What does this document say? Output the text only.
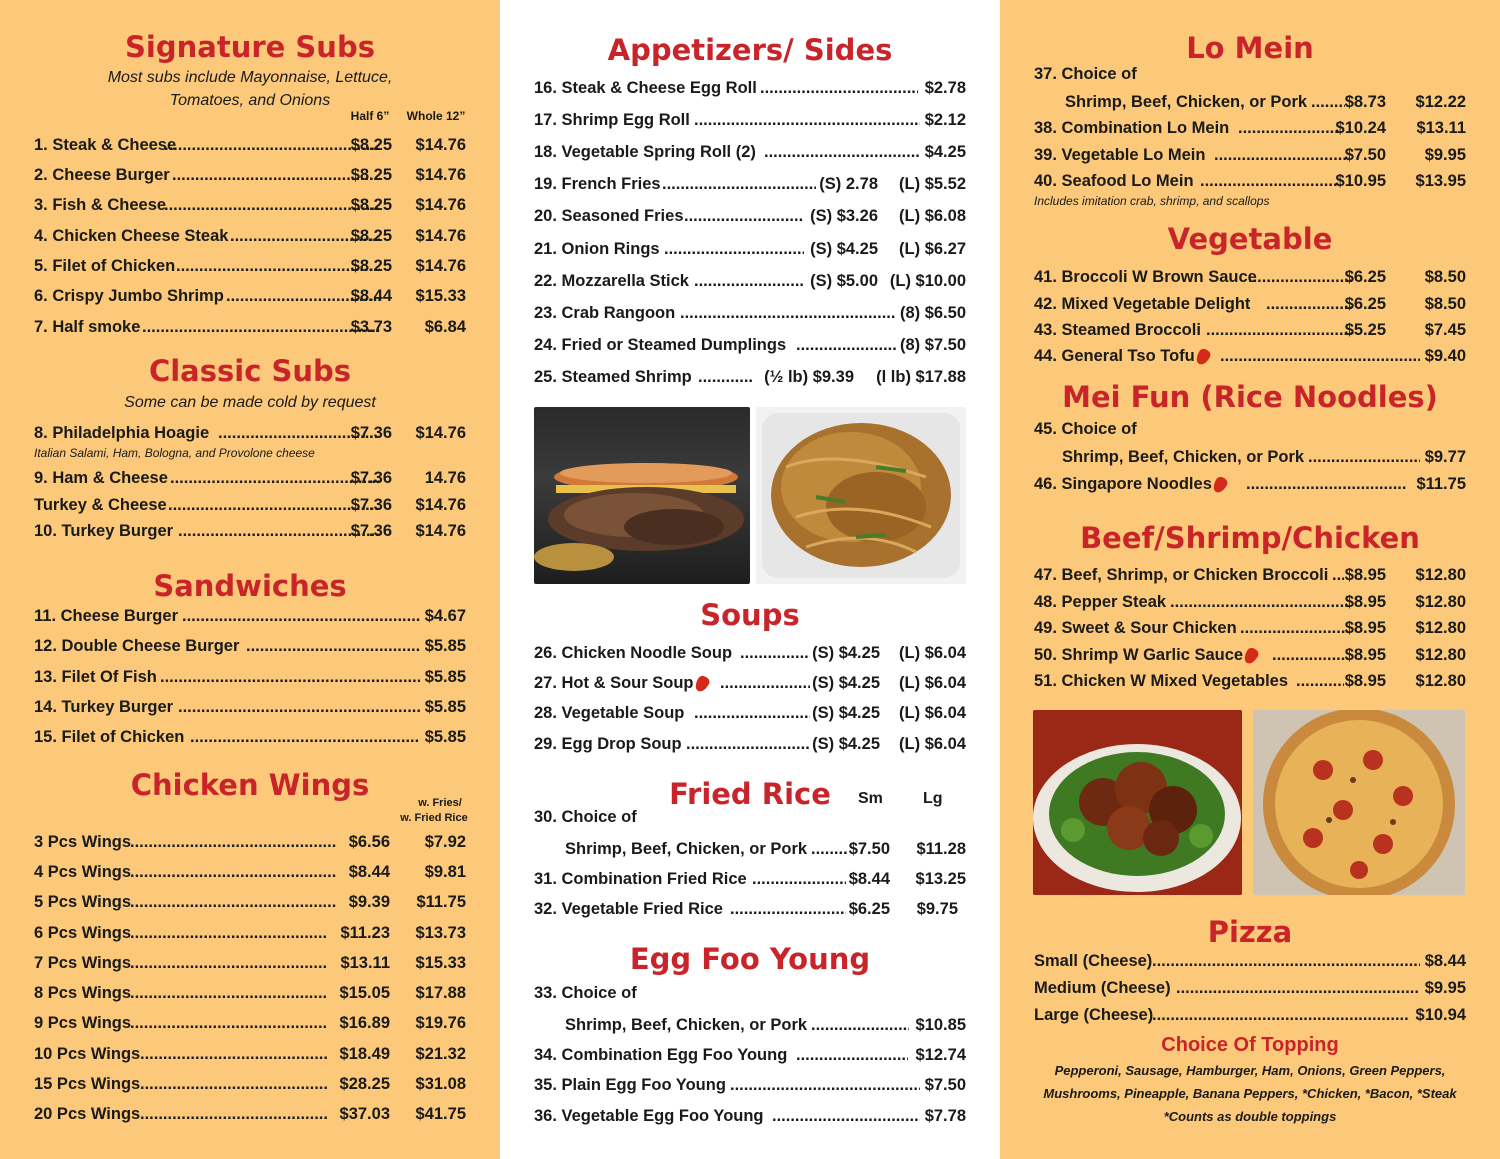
Signature Subs
Most subs include Mayonnaise, Lettuce,
Tomatoes, and Onions
Half 6”	Whole 12”
1. Steak & Cheese .....	$8.25 $14.76
2. Cheese Burger .....	$8.25 $14.76
3. Fish & Cheese .....	$8.25 $14.76
4. Chicken Cheese Steak .....	$8.25 $14.76
5. Filet of Chicken .....	$8.25 $14.76
6. Crispy Jumbo Shrimp .....	$8.44 $15.33
7. Half smoke .....	$3.73 $6.84
Classic Subs
Some can be made cold by request
8. Philadelphia Hoagie .....	$7.36 $14.76
Italian Salami, Ham, Bologna, and Provolone cheese
9. Ham & Cheese .....	$7.36 14.76
Turkey & Cheese .....	$7.36 $14.76
10. Turkey Burger .....	$7.36 $14.76
Sandwiches
11. Cheese Burger .....	$4.67
12. Double Cheese Burger .....	$5.85
13. Filet Of Fish .....	$5.85
14. Turkey Burger .....	$5.85
15. Filet of Chicken .....	$5.85
Chicken Wings
w. Fries/
w. Fried Rice
3 Pcs Wings .....	$6.56 $7.92
4 Pcs Wings .....	$8.44 $9.81
5 Pcs Wings .....	$9.39 $11.75
6 Pcs Wings .....	$11.23 $13.73
7 Pcs Wings .....	$13.11 $15.33
8 Pcs Wings .....	$15.05 $17.88
9 Pcs Wings .....	$16.89 $19.76
10 Pcs Wings .....	$18.49 $21.32
15 Pcs Wings .....	$28.25 $31.08
20 Pcs Wings .....	$37.03 $41.75
Appetizers/ Sides
16. Steak & Cheese Egg Roll .....	$2.78
17. Shrimp Egg Roll .....	$2.12
18. Vegetable Spring Roll (2) .....	$4.25
19. French Fries .....	(S) 2.78 (L) $5.52
20. Seasoned Fries .....	(S) $3.26 (L) $6.08
21. Onion Rings .....	(S) $4.25 (L) $6.27
22. Mozzarella Stick .....	(S) $5.00 (L) $10.00
23. Crab Rangoon .....	(8) $6.50
24. Fried or Steamed Dumplings .....	(8) $7.50
25. Steamed Shrimp .....	(½ lb) $9.39 (l lb) $17.88
Soups
26. Chicken Noodle Soup .....	(S) $4.25 (L) $6.04
27. Hot & Sour Soup .....	(S) $4.25 (L) $6.04
28. Vegetable Soup .....	(S) $4.25 (L) $6.04
29. Egg Drop Soup .....	(S) $4.25 (L) $6.04
Fried Rice	Sm	Lg
30. Choice of
Shrimp, Beef, Chicken, or Pork .....	$7.50 $11.28
31. Combination Fried Rice .....	$8.44 $13.25
32. Vegetable Fried Rice .....	$6.25 $9.75
Egg Foo Young
33. Choice of
Shrimp, Beef, Chicken, or Pork .....	$10.85
34. Combination Egg Foo Young .....	$12.74
35. Plain Egg Foo Young .....	$7.50
36. Vegetable Egg Foo Young .....	$7.78
Lo Mein
37. Choice of
Shrimp, Beef, Chicken, or Pork ..... $8.73 $12.22
38. Combination Lo Mein .....	$10.24 $13.11
39. Vegetable Lo Mein .....	$7.50 $9.95
40. Seafood Lo Mein .....	$10.95 $13.95
Includes imitation crab, shrimp, and scallops
Vegetable
41. Broccoli W Brown Sauce .....	$6.25 $8.50
42. Mixed Vegetable Delight .....	$6.25 $8.50
43. Steamed Broccoli .....	$5.25 $7.45
44. General Tso Tofu .....	$9.40
Mei Fun (Rice Noodles)
45. Choice of
Shrimp, Beef, Chicken, or Pork .....	$9.77
46. Singapore Noodles .....	$11.75
Beef/Shrimp/Chicken
47. Beef, Shrimp, or Chicken Broccoli ..... $8.95 $12.80
48. Pepper Steak .....	$8.95 $12.80
49. Sweet & Sour Chicken .....	$8.95 $12.80
50. Shrimp W Garlic Sauce .....	$8.95 $12.80
51. Chicken W Mixed Vegetables .....	$8.95 $12.80
Pizza
Small (Cheese) .....	$8.44
Medium (Cheese) .....	$9.95
Large (Cheese) .....	$10.94
Choice Of Topping
Pepperoni, Sausage, Hamburger, Ham, Onions, Green Peppers,
Mushrooms, Pineapple, Banana Peppers, *Chicken, *Bacon, *Steak
*Counts as double toppings
